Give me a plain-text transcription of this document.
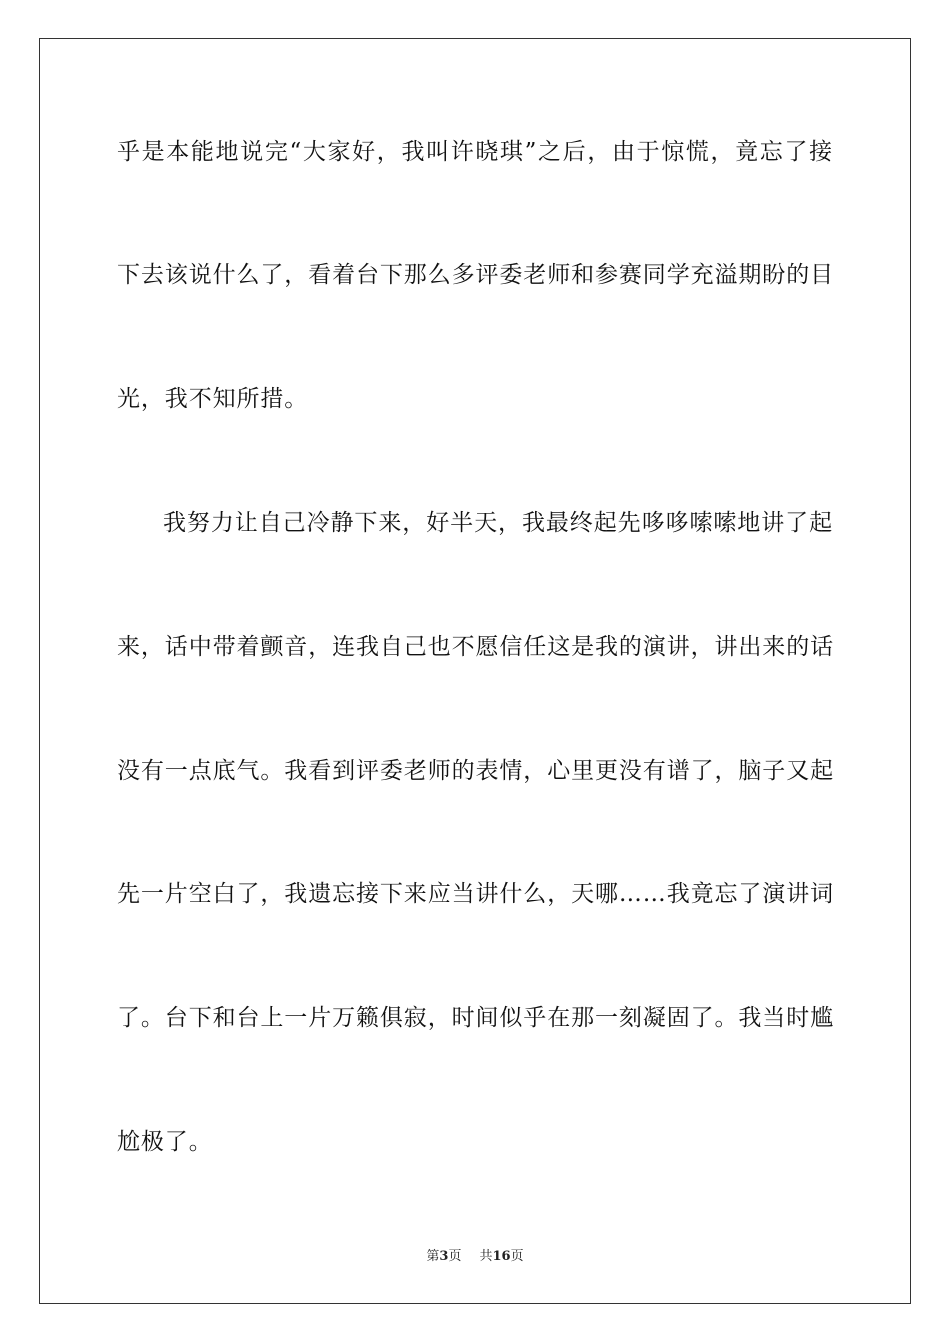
乎是本能地说完“大家好，我叫许晓琪”之后，由于惊慌，竟忘了接
下去该说什么了，看着台下那么多评委老师和参赛同学充溢期盼的目
光，我不知所措。
我努力让自己冷静下来，好半天，我最终起先哆哆嗦嗦地讲了起
来，话中带着颤音，连我自己也不愿信任这是我的演讲，讲出来的话
没有一点底气。我看到评委老师的表情，心里更没有谱了，脑子又起
先一片空白了，我遗忘接下来应当讲什么，天哪……我竟忘了演讲词
了。台下和台上一片万籁俱寂，时间似乎在那一刻凝固了。我当时尴
尬极了。
第3页 共16页
